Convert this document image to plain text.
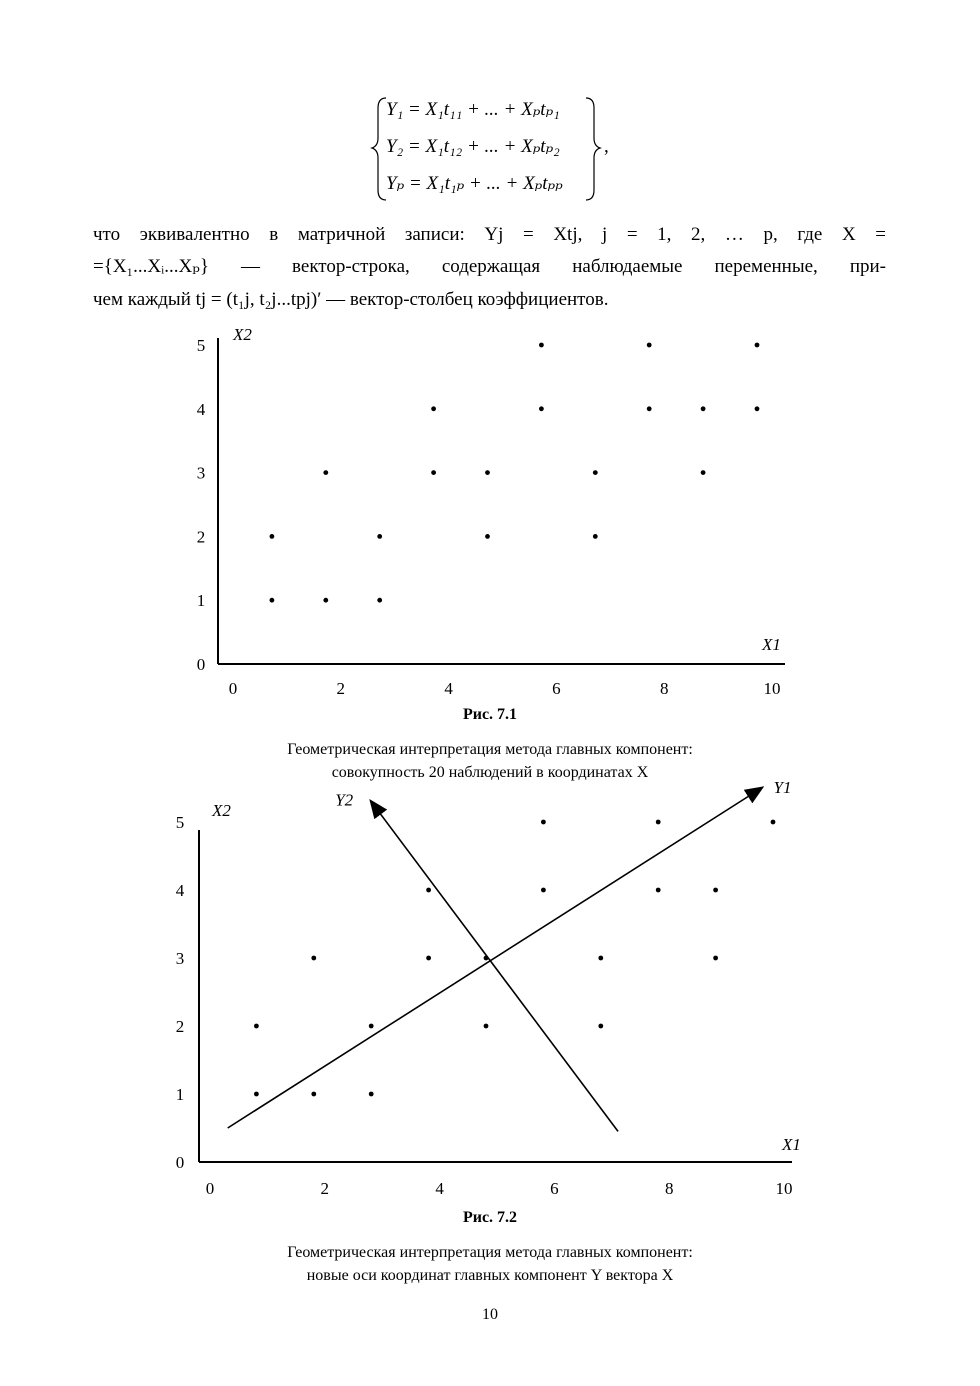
Y₁ = X₁t₁₁ + ... + Xₚtₚ₁
Y₂ = X₁t₁₂ + ... + Xₚtₚ₂
Yₚ = X₁t₁ₚ + ... + Xₚtₚₚ
,
что эквивалентно в матричной записи: Yj = Xtj, j = 1, 2, … p, где X =
={X₁...Xᵢ...Xₚ} — вектор-строка, содержащая наблюдаемые переменные, при-
чем каждый tj = (t₁j, t₂j...tpj)′ — вектор-столбец коэффициентов.
0	2	4	6	8	10
0
1
2
3
4
5
X2
X1
Рис. 7.1
Геометрическая интерпретация метода главных компонент:
совокупность 20 наблюдений в координатах X
0	2	4	6	8	10
0
1
2
3
4
5
Y1
Y2
X2
X1
Рис. 7.2
Геометрическая интерпретация метода главных компонент:
новые оси координат главных компонент Y вектора X
10
